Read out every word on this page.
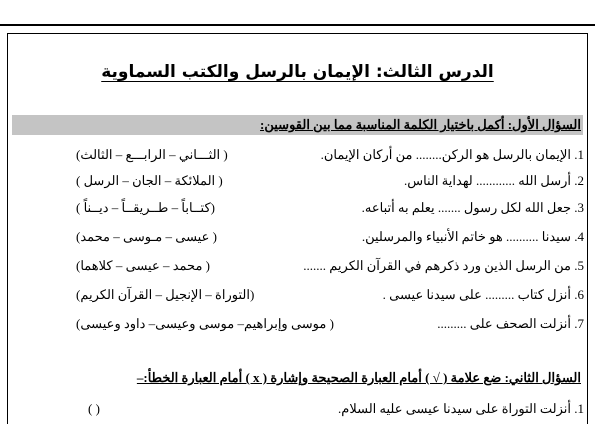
الدرس الثالث: الإيمان بالرسل والكتب السماوية
السؤال الأول: أكمل باختيار الكلمة المناسبة مما بين القوسين:
1. الإيمان بالرسل هو الركن........ من أركان الإيمان.
( الثـــاني – الرابـــع – الثالث)
2. أرسل الله ............ لهداية الناس.
( الملائكة – الجان – الرسل )
3. جعل الله لكل رسول ....... يعلم به أتباعه.
(كتــاباً – طــريقــاً – ديــناً )
4. سيدنا .......... هو خاتم الأنبياء والمرسلين.
( عيسى – مـوسى – محمد)
5. من الرسل الذين ورد ذكرهم في القرآن الكريم .......
( محمد – عيسى – كلاهما)
6. أنزل كتاب ......... على سيدنا عيسى .
(التوراة – الإنجيل – القرآن الكريم)
7. أنزلت الصحف على .........
( موسى وإبراهيم– موسى وعيسى– داود وعيسى)
السؤال الثاني: ضع علامة ( √ ) أمام العبارة الصحيحة وإشارة ( x ) أمام العبارة الخطأ:–
1. أنزلت التوراة على سيدنا عيسى عليه السلام.
( )
